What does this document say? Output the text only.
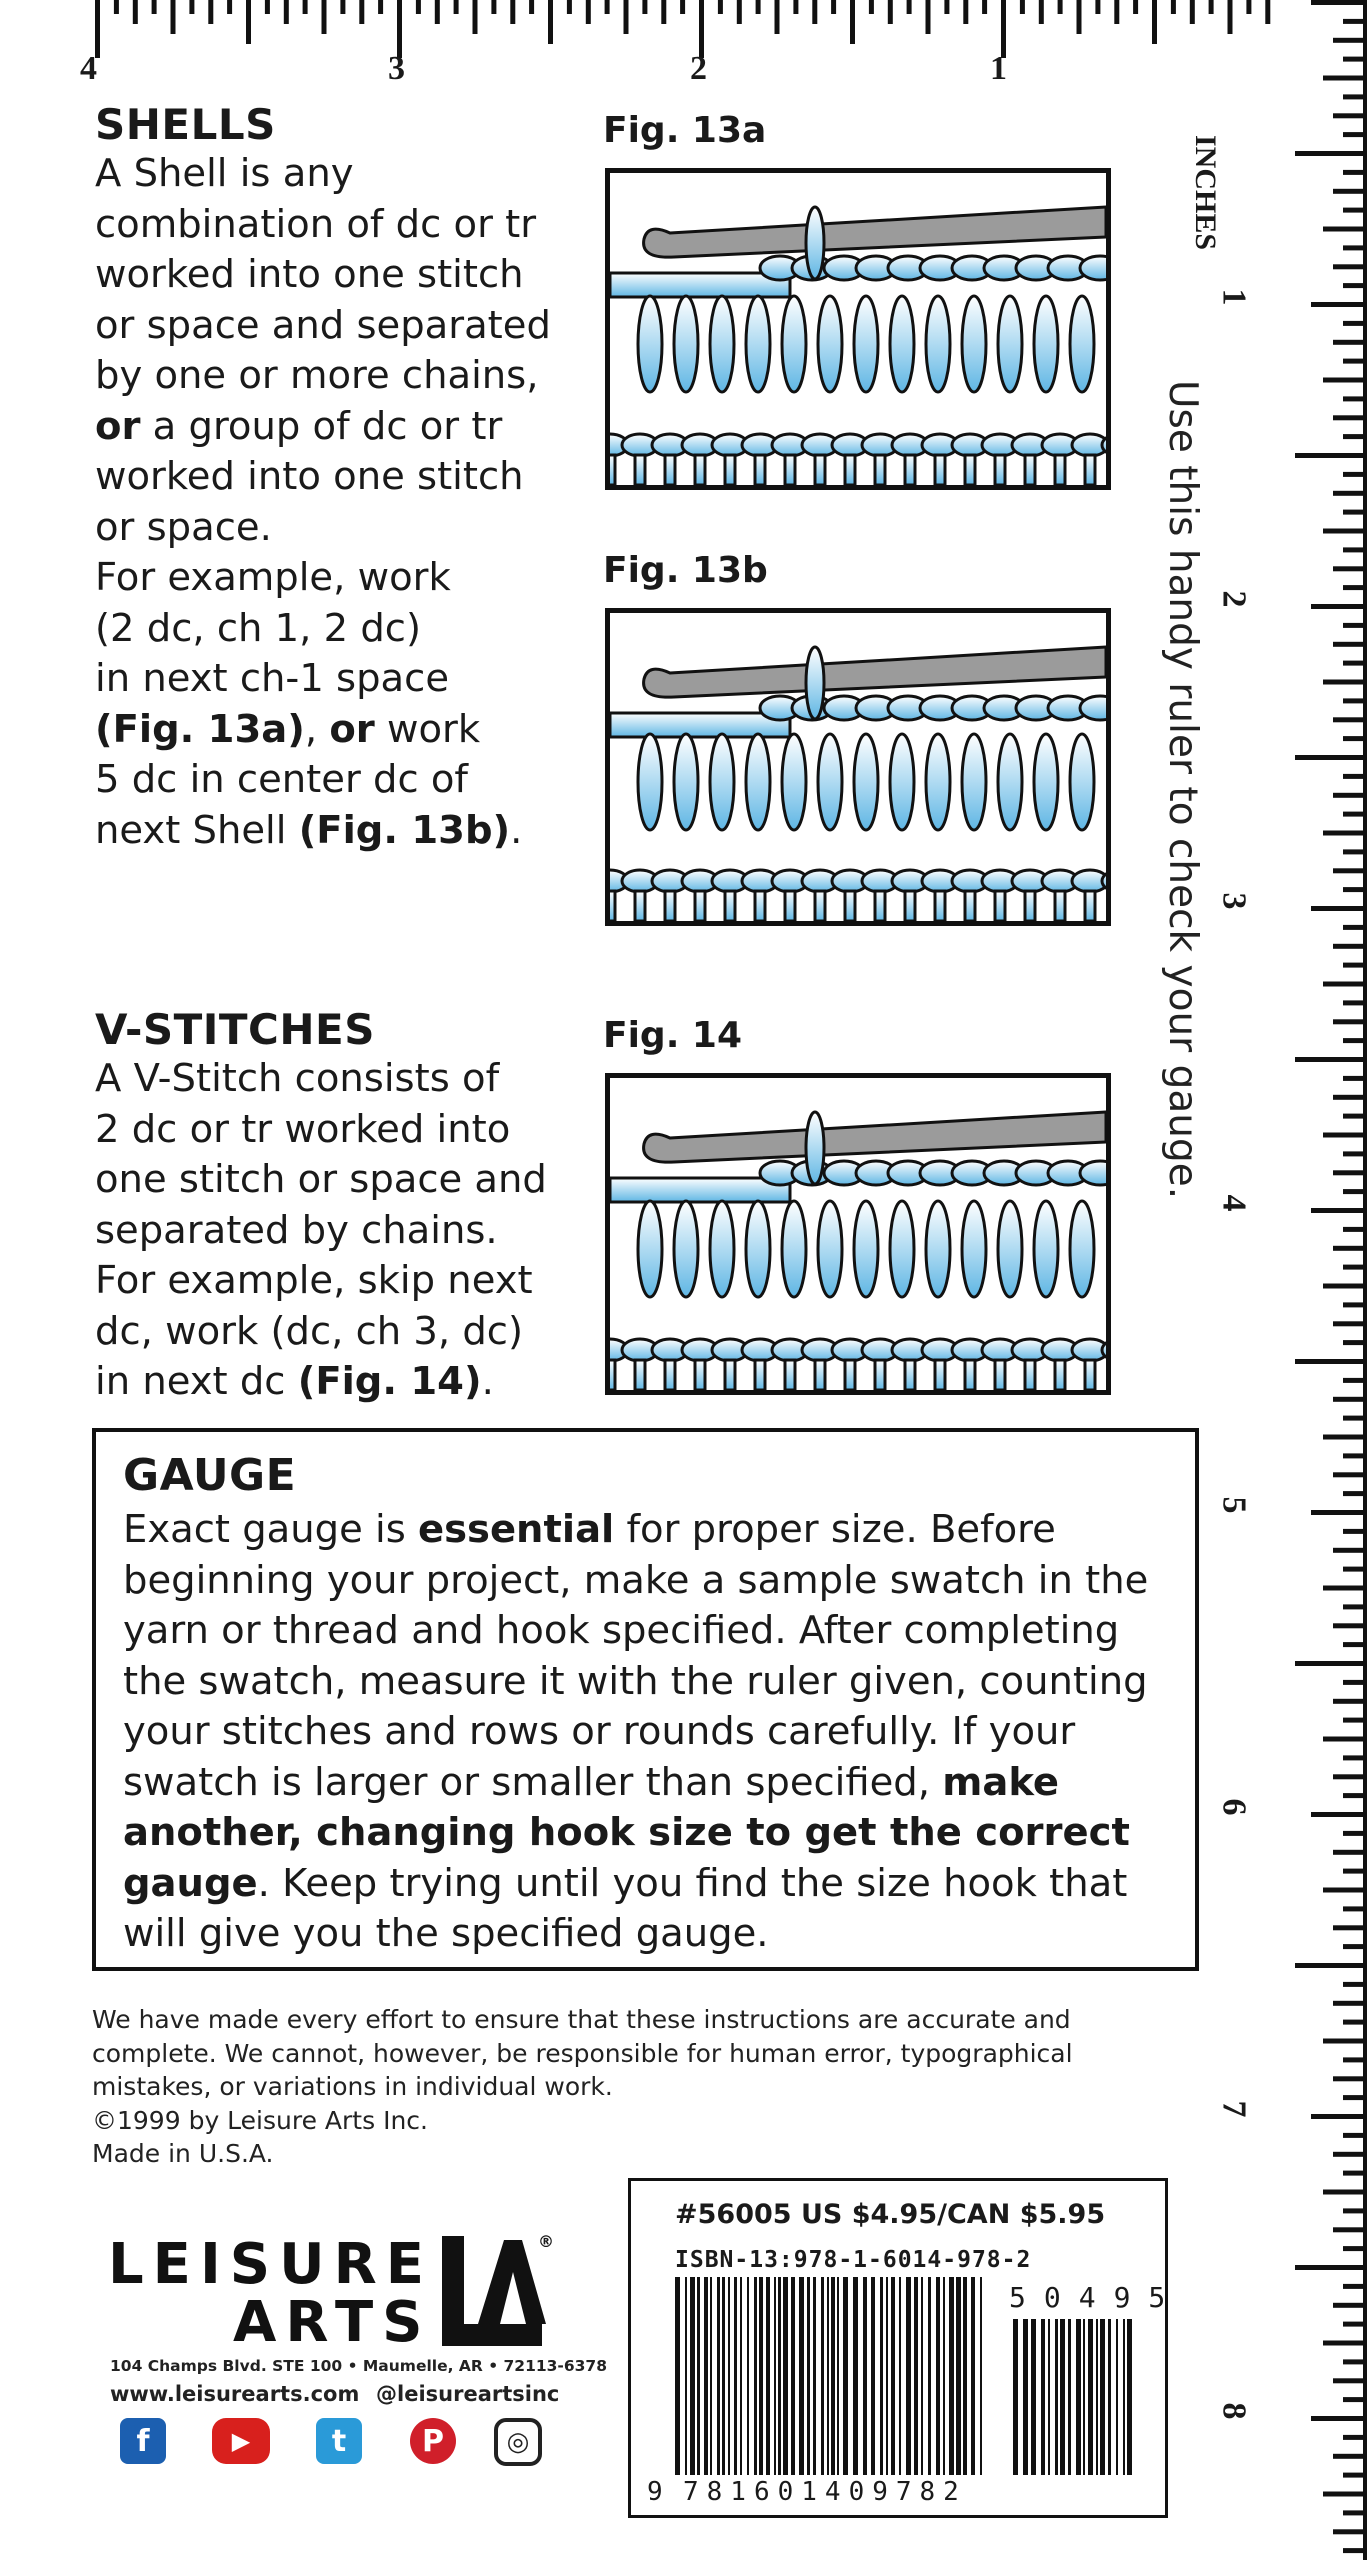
4	3	2	1
INCHES
1
2
3
4
5
6
7
8
Use this handy ruler to check your gauge.
SHELLS
A Shell is any
combination of dc or tr
worked into one stitch
or space and separated
by one or more chains,
or a group of dc or tr
worked into one stitch
or space.
For example, work
(2 dc, ch 1, 2 dc)
in next ch-1 space
(Fig. 13a), or work
5 dc in center dc of
next Shell (Fig. 13b).
Fig. 13a
Fig. 13b
Fig. 14
V-STITCHES
A V-Stitch consists of
2 dc or tr worked into
one stitch or space and
separated by chains.
For example, skip next
dc, work (dc, ch 3, dc)
in next dc (Fig. 14).
GAUGE
Exact gauge is essential for proper size. Before
beginning your project, make a sample swatch in the
yarn or thread and hook specified. After completing
the swatch, measure it with the ruler given, counting
your stitches and rows or rounds carefully. If your
swatch is larger or smaller than specified, make
another, changing hook size to get the correct
gauge. Keep trying until you find the size hook that
will give you the specified gauge.
We have made every effort to ensure that these instructions are accurate and
complete. We cannot, however, be responsible for human error, typographical
mistakes, or variations in individual work.
©1999 by Leisure Arts Inc.
Made in U.S.A.
LEISURE
ARTS
®
104 Champs Blvd. STE 100 • Maumelle, AR • 72113-6378
www.leisurearts.com @leisureartsinc
f	▶	t	P	◎
#56005 US $4.95/CAN $5.95
ISBN-13:978-1-6014-978-2
50495
9 781601409782
